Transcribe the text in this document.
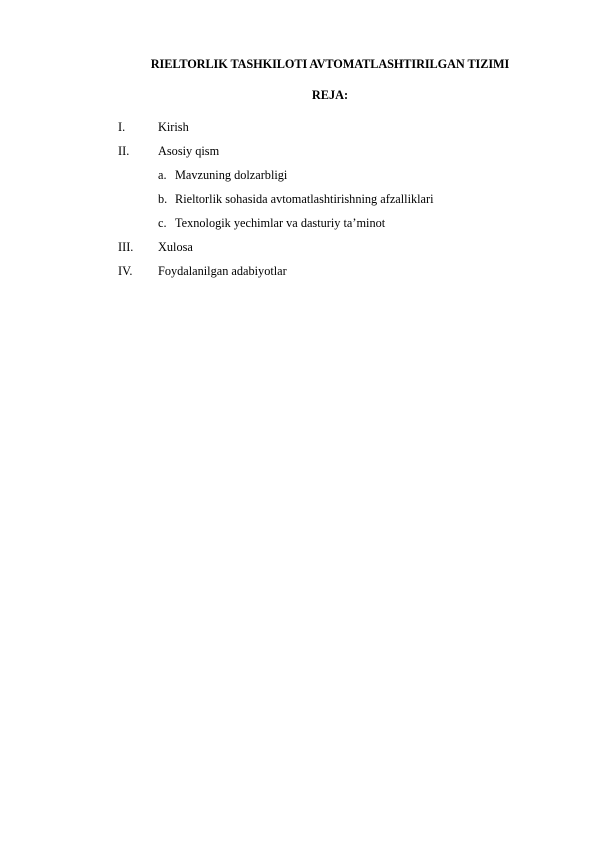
RIELTORLIK TASHKILOTI AVTOMATLASHTIRILGAN TIZIMI
REJA:
I.	Kirish
II. Asosiy qism
a. Mavzuning dolzarbligi
b. Rieltorlik sohasida avtomatlashtirishning afzalliklari
c. Texnologik yechimlar va dasturiy ta’minot
III. Xulosa
IV. Foydalanilgan adabiyotlar
